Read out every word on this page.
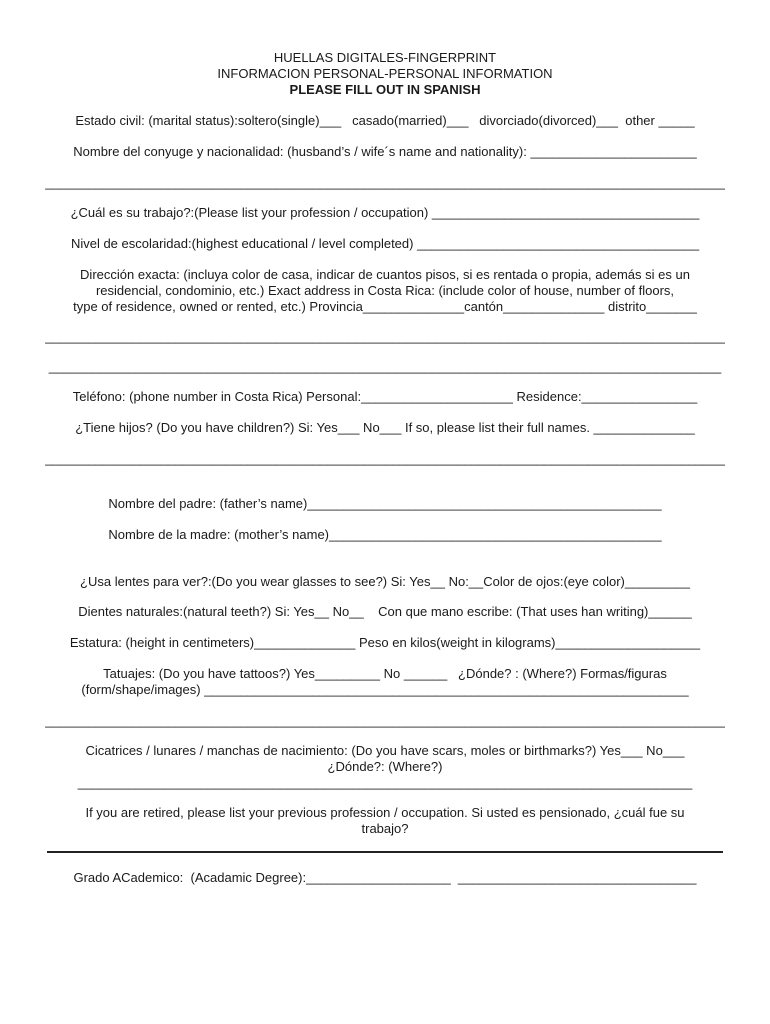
HUELLAS DIGITALES-FINGERPRINT
INFORMACION PERSONAL-PERSONAL INFORMATION
PLEASE FILL OUT IN SPANISH
Estado civil: (marital status):soltero(single)___   casado(married)___   divorciado(divorced)___  other _____
Nombre del conyuge y nacionalidad: (husband’s / wife´s name and nationality): _______________________
______________________________________________________________________________________________
¿Cuál es su trabajo?:(Please list your profession / occupation) _____________________________________
Nivel de escolaridad:(highest educational / level completed) _______________________________________
Dirección exacta: (incluya color de casa, indicar de cuantos pisos, si es rentada o propia, además si es un
residencial, condominio, etc.) Exact address in Costa Rica: (include color of house, number of floors,
type of residence, owned or rented, etc.) Provincia______________cantón______________ distrito_______
______________________________________________________________________________________________
_____________________________________________________________________________________________
Teléfono: (phone number in Costa Rica) Personal:_____________________ Residence:________________
¿Tiene hijos? (Do you have children?) Si: Yes___ No___ If so, please list their full names. ______________
______________________________________________________________________________________________
Nombre del padre: (father’s name)_________________________________________________
Nombre de la madre: (mother’s name)______________________________________________
¿Usa lentes para ver?:(Do you wear glasses to see?) Si: Yes__ No:__Color de ojos:(eye color)_________
Dientes naturales:(natural teeth?) Si: Yes__ No__    Con que mano escribe: (That uses han writing)______
Estatura: (height in centimeters)______________ Peso en kilos(weight in kilograms)____________________
Tatuajes: (Do you have tattoos?) Yes_________ No ______   ¿Dónde? : (Where?) Formas/figuras
(form/shape/images) ___________________________________________________________________
______________________________________________________________________________________________
Cicatrices / lunares / manchas de nacimiento: (Do you have scars, moles or birthmarks?) Yes___ No___
¿Dónde?: (Where?)
_____________________________________________________________________________________
If you are retired, please list your previous profession / occupation. Si usted es pensionado, ¿cuál fue su
trabajo?
Grado ACademico:  (Acadamic Degree):____________________  _________________________________
